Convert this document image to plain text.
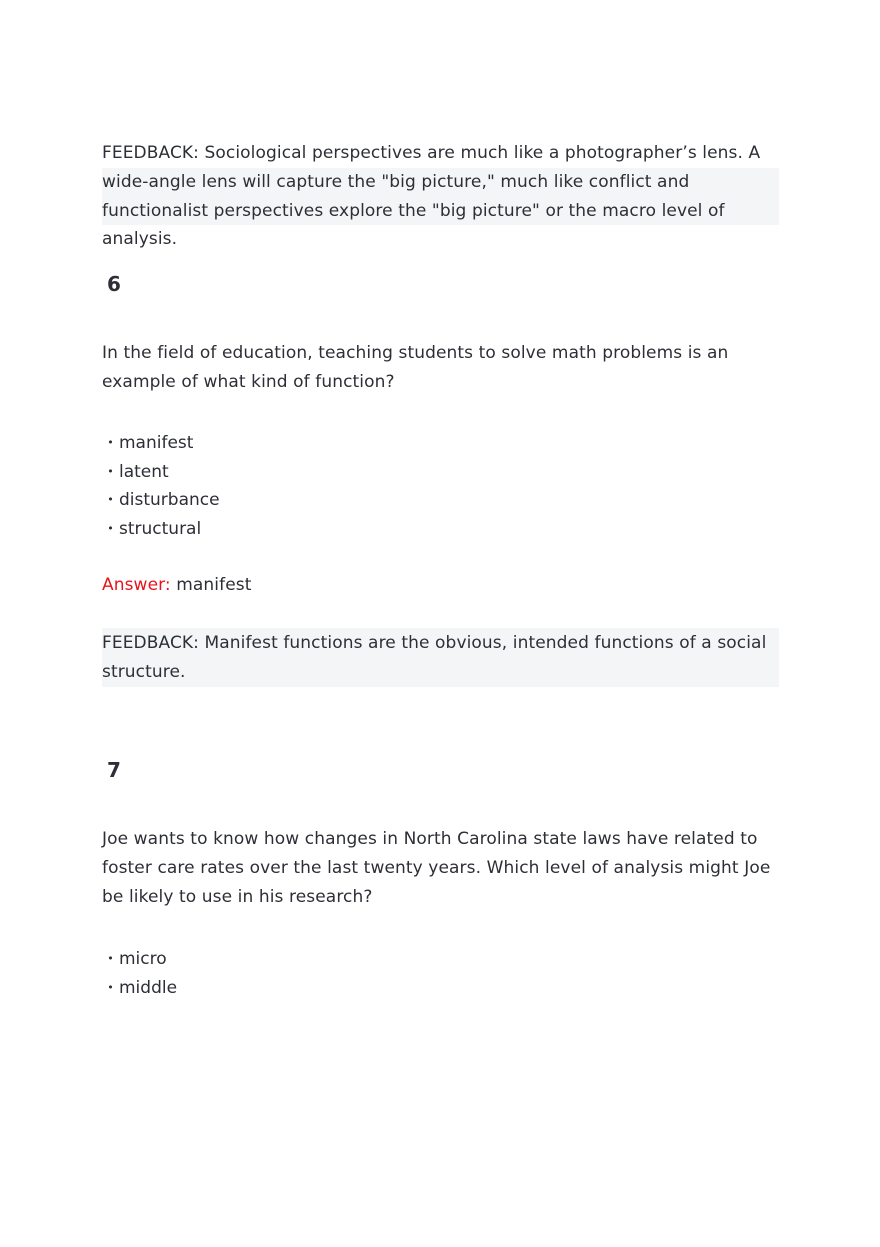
FEEDBACK: Sociological perspectives are much like a photographer’s lens. A wide-angle lens will capture the "big picture," much like conflict and functionalist perspectives explore the "big picture" or the macro level of analysis.

6

In the field of education, teaching students to solve math problems is an example of what kind of function?

• manifest
• latent
• disturbance
• structural

Answer: manifest

FEEDBACK: Manifest functions are the obvious, intended functions of a social structure.

7

Joe wants to know how changes in North Carolina state laws have related to foster care rates over the last twenty years. Which level of analysis might Joe be likely to use in his research?

• micro
• middle
